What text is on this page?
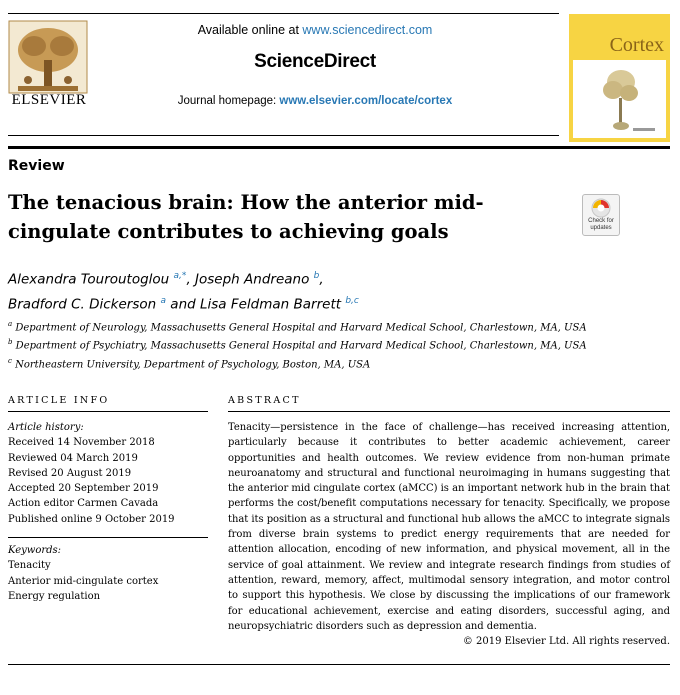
ELSEVIER
Available online at www.sciencedirect.com
ScienceDirect
Journal homepage: www.elsevier.com/locate/cortex
Cortex
Review
The tenacious brain: How the anterior mid-cingulate contributes to achieving goals	Check for
updates
Alexandra Touroutoglou $^{a,*}$, Joseph Andreano $^b$,
Bradford C. Dickerson $^a$ and Lisa Feldman Barrett $^{b,c}$
$^a$ Department of Neurology, Massachusetts General Hospital and Harvard Medical School, Charlestown, MA, USA
$^b$ Department of Psychiatry, Massachusetts General Hospital and Harvard Medical School, Charlestown, MA, USA
$^c$ Northeastern University, Department of Psychology, Boston, MA, USA
ARTICLE INFO
Article history:
Received 14 November 2018
Reviewed 04 March 2019
Revised 20 August 2019
Accepted 20 September 2019
Action editor Carmen Cavada
Published online 9 October 2019
Keywords:
Tenacity
Anterior mid-cingulate cortex
Energy regulation
ABSTRACT
Tenacity—persistence in the face of challenge—has received increasing attention, particularly because it contributes to better academic achievement, career opportunities and health outcomes. We review evidence from non-human primate neuroanatomy and structural and functional neuroimaging in humans suggesting that the anterior mid cingulate cortex (aMCC) is an important network hub in the brain that performs the cost/benefit computations necessary for tenacity. Specifically, we propose that its position as a structural and functional hub allows the aMCC to integrate signals from diverse brain systems to predict energy requirements that are needed for attention allocation, encoding of new information, and physical movement, all in the service of goal attainment. We review and integrate research findings from studies of attention, reward, memory, affect, multimodal sensory integration, and motor control to support this hypothesis. We close by discussing the implications of our framework for educational achievement, exercise and eating disorders, successful aging, and neuropsychiatric disorders such as depression and dementia.
© 2019 Elsevier Ltd. All rights reserved.
